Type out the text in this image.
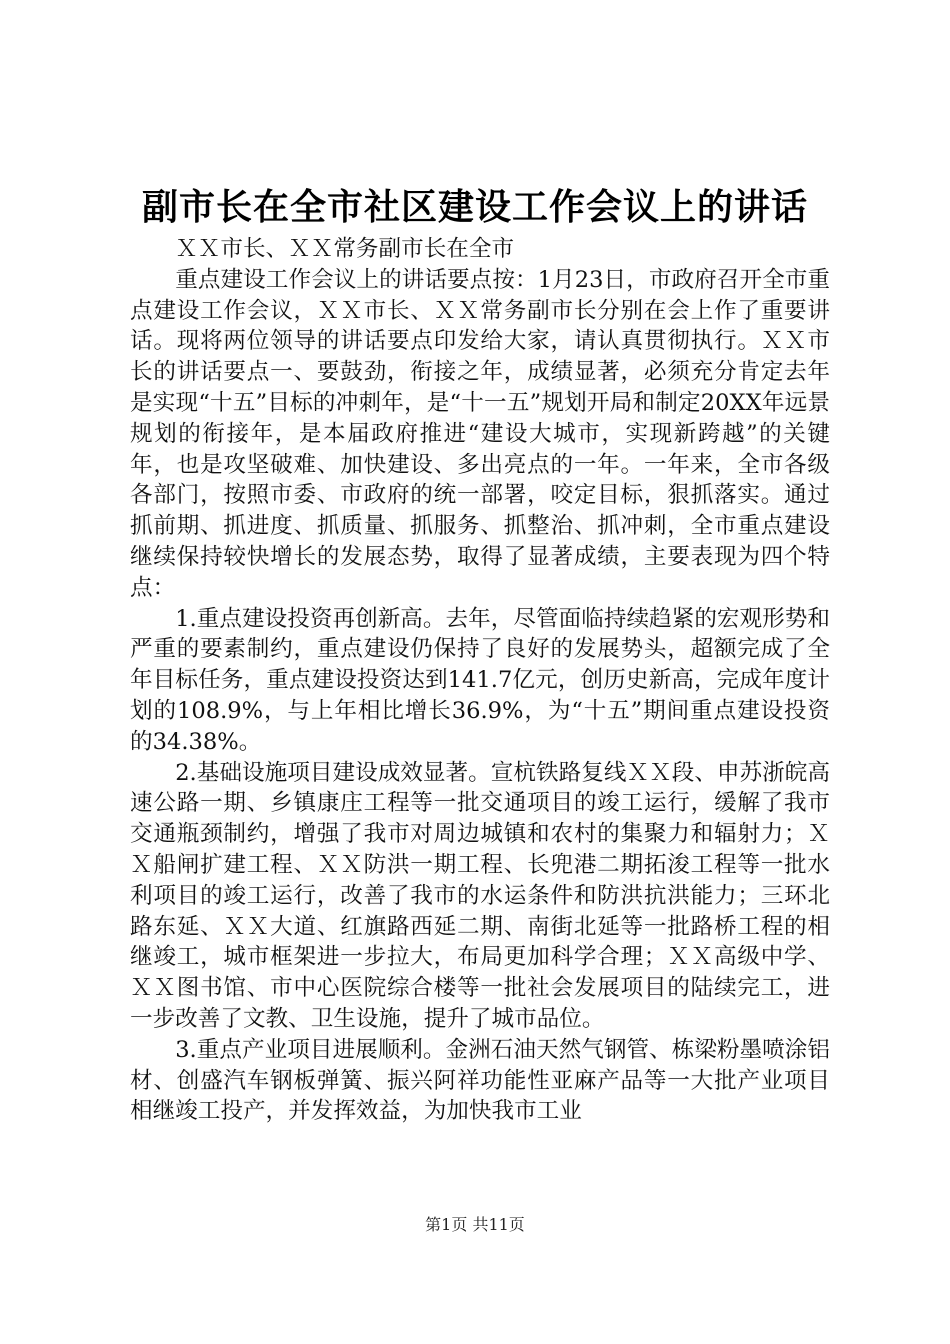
副市长在全市社区建设工作会议上的讲话

ＸＸ市长、ＸＸ常务副市长在全市

重点建设工作会议上的讲话要点按：1月23日，市政府召开全市重点建设工作会议，ＸＸ市长、ＸＸ常务副市长分别在会上作了重要讲话。现将两位领导的讲话要点印发给大家，请认真贯彻执行。ＸＸ市长的讲话要点一、要鼓劲，衔接之年，成绩显著，必须充分肯定去年是实现“十五”目标的冲刺年，是“十一五”规划开局和制定20XX年远景规划的衔接年，是本届政府推进“建设大城市，实现新跨越”的关键年，也是攻坚破难、加快建设、多出亮点的一年。一年来，全市各级各部门，按照市委、市政府的统一部署，咬定目标，狠抓落实。通过抓前期、抓进度、抓质量、抓服务、抓整治、抓冲刺，全市重点建设继续保持较快增长的发展态势，取得了显著成绩，主要表现为四个特点：

1.重点建设投资再创新高。去年，尽管面临持续趋紧的宏观形势和严重的要素制约，重点建设仍保持了良好的发展势头，超额完成了全年目标任务，重点建设投资达到141.7亿元，创历史新高，完成年度计划的108.9%，与上年相比增长36.9%，为“十五”期间重点建设投资的34.38%。

2.基础设施项目建设成效显著。宣杭铁路复线ＸＸ段、申苏浙皖高速公路一期、乡镇康庄工程等一批交通项目的竣工运行，缓解了我市交通瓶颈制约，增强了我市对周边城镇和农村的集聚力和辐射力；ＸＸ船闸扩建工程、ＸＸ防洪一期工程、长兜港二期拓浚工程等一批水利项目的竣工运行，改善了我市的水运条件和防洪抗洪能力；三环北路东延、ＸＸ大道、红旗路西延二期、南街北延等一批路桥工程的相继竣工，城市框架进一步拉大，布局更加科学合理；ＸＸ高级中学、ＸＸ图书馆、市中心医院综合楼等一批社会发展项目的陆续完工，进一步改善了文教、卫生设施，提升了城市品位。

3.重点产业项目进展顺利。金洲石油天然气钢管、栋梁粉墨喷涂铝材、创盛汽车钢板弹簧、振兴阿祥功能性亚麻产品等一大批产业项目相继竣工投产，并发挥效益，为加快我市工业

第1页 共11页
